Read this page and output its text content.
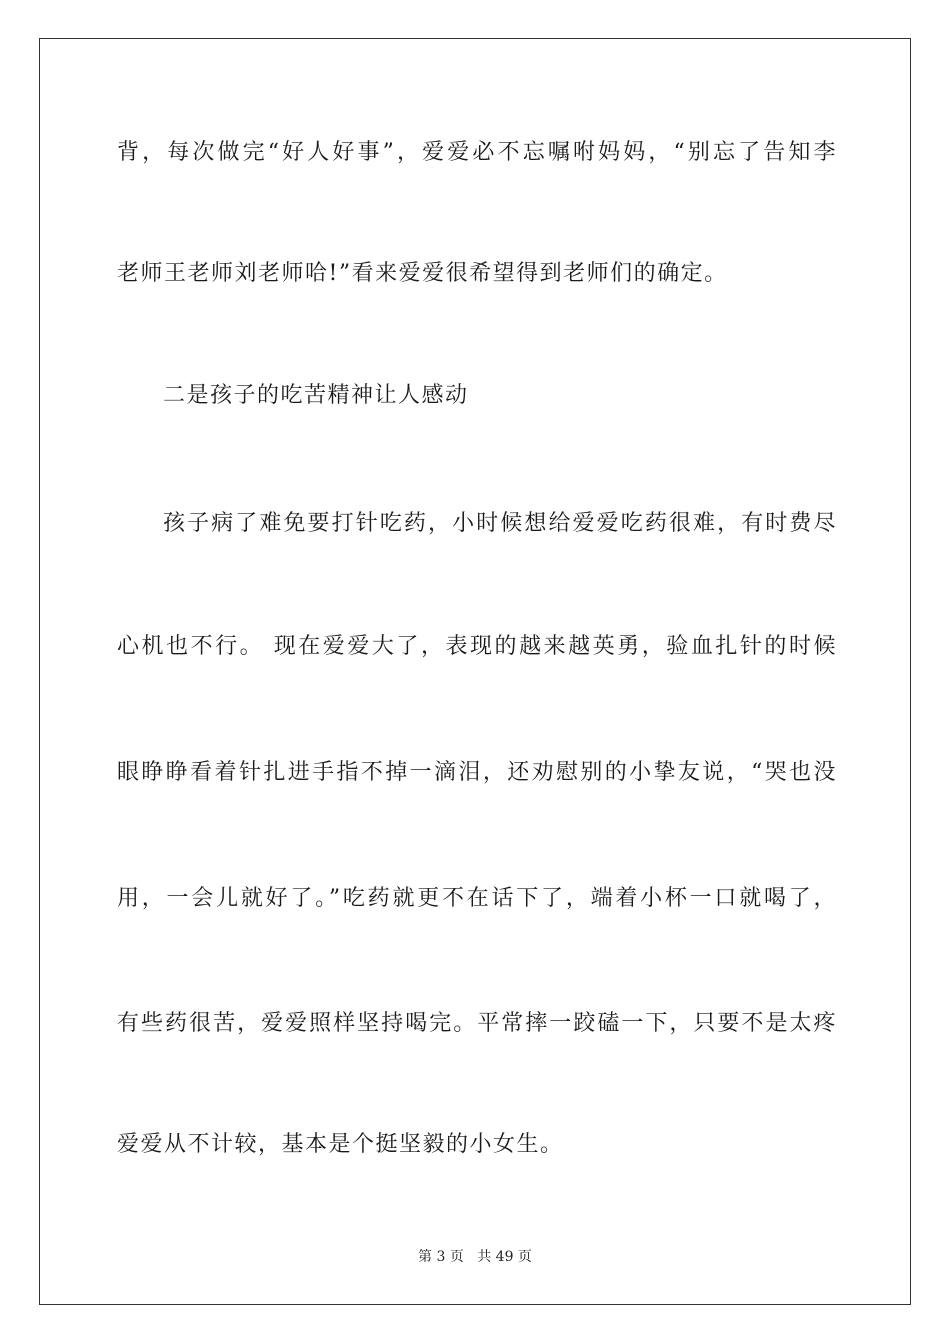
背，每次做完“好人好事”，爱爱必不忘嘱咐妈妈，“别忘了告知李
老师王老师刘老师哈!”看来爱爱很希望得到老师们的确定。
二是孩子的吃苦精神让人感动
孩子病了难免要打针吃药，小时候想给爱爱吃药很难，有时费尽
心机也不行。 现在爱爱大了，表现的越来越英勇，验血扎针的时候
眼睁睁看着针扎进手指不掉一滴泪，还劝慰别的小挚友说，“哭也没
用，一会儿就好了。”吃药就更不在话下了，端着小杯一口就喝了，
有些药很苦，爱爱照样坚持喝完。平常摔一跤磕一下，只要不是太疼
爱爱从不计较，基本是个挺坚毅的小女生。
第 3 页 共 49 页
